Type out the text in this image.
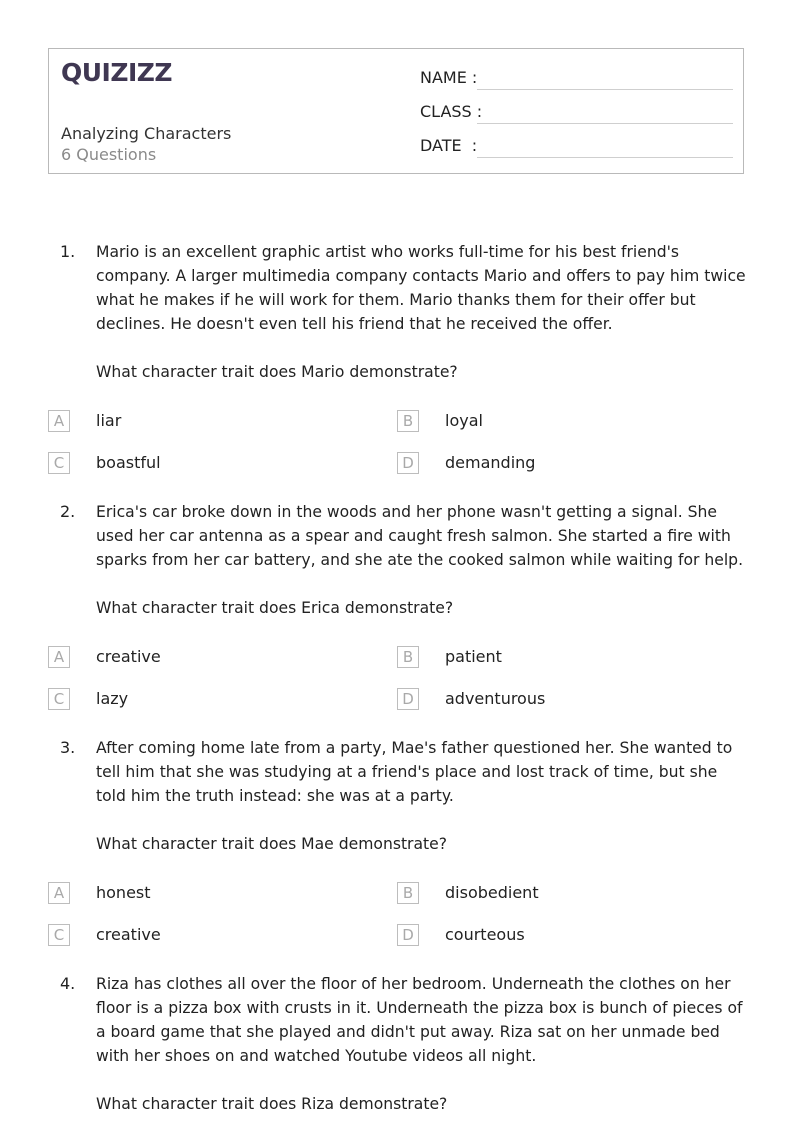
QUIZIZZ
Analyzing Characters
6 Questions
NAME :
CLASS :
DATE  :
1. Mario is an excellent graphic artist who works full-time for his best friend's company. A larger multimedia company contacts Mario and offers to pay him twice what he makes if he will work for them. Mario thanks them for their offer but declines. He doesn't even tell his friend that he received the offer.

What character trait does Mario demonstrate?
A	liar	B	loyal
C	boastful	D	demanding
2. Erica's car broke down in the woods and her phone wasn't getting a signal. She used her car antenna as a spear and caught fresh salmon. She started a fire with sparks from her car battery, and she ate the cooked salmon while waiting for help.

What character trait does Erica demonstrate?
A	creative	B	patient
C	lazy	D	adventurous
3. After coming home late from a party, Mae's father questioned her. She wanted to tell him that she was studying at a friend's place and lost track of time, but she told him the truth instead: she was at a party.

What character trait does Mae demonstrate?
A	honest	B	disobedient
C	creative	D	courteous
4. Riza has clothes all over the floor of her bedroom. Underneath the clothes on her floor is a pizza box with crusts in it. Underneath the pizza box is bunch of pieces of a board game that she played and didn't put away. Riza sat on her unmade bed with her shoes on and watched Youtube videos all night.

What character trait does Riza demonstrate?
